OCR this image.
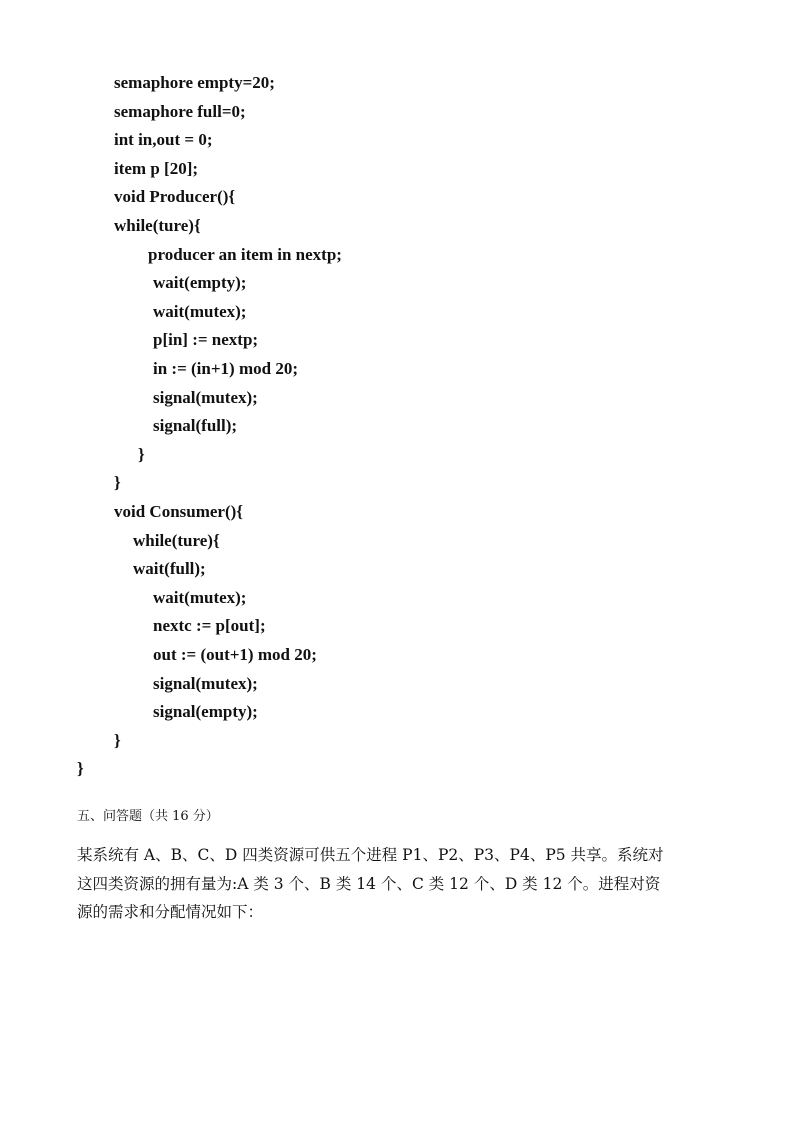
semaphore empty=20;
semaphore full=0;
int in,out = 0;
item p [20];
void Producer(){
while(ture){
producer an item in nextp;
wait(empty);
wait(mutex);
p[in] := nextp;
in := (in+1) mod 20;
signal(mutex);
signal(full);
}
}
void Consumer(){
while(ture){
wait(full);
wait(mutex);
nextc := p[out];
out := (out+1) mod 20;
signal(mutex);
signal(empty);
}
}
五、问答题（共 16 分）
某系统有 A、B、C、D 四类资源可供五个进程 P1、P2、P3、P4、P5 共享。系统对
这四类资源的拥有量为:A 类 3 个、B 类 14 个、C 类 12 个、D 类 12 个。进程对资
源的需求和分配情况如下：
